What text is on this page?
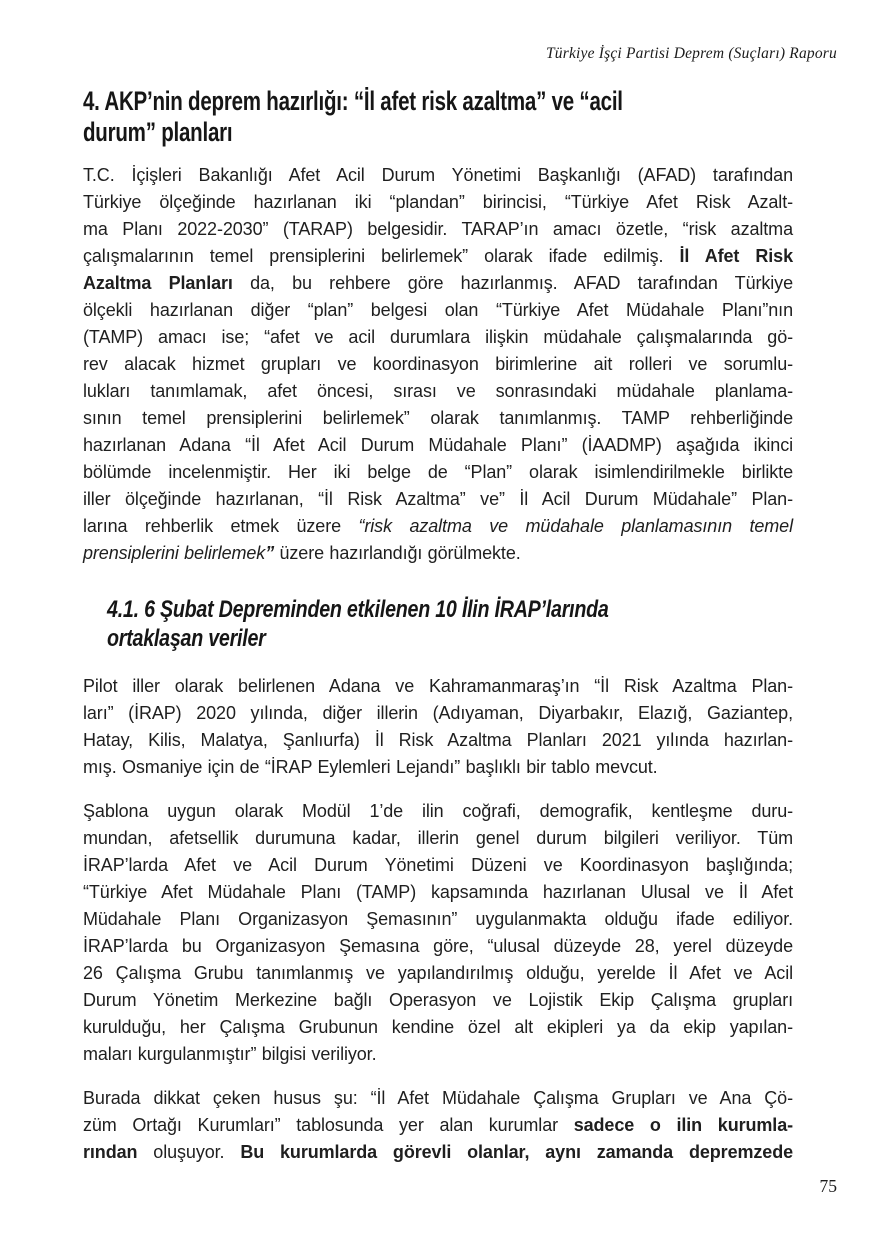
Türkiye İşçi Partisi Deprem (Suçları) Raporu
4. AKP’nin deprem hazırlığı: “İl afet risk azaltma” ve “acil
durum” planları
T.C. İçişleri Bakanlığı Afet Acil Durum Yönetimi Başkanlığı (AFAD) tarafından
Türkiye ölçeğinde hazırlanan iki “plandan” birincisi, “Türkiye Afet Risk Azalt-
ma Planı 2022-2030” (TARAP) belgesidir. TARAP’ın amacı özetle, “risk azaltma
çalışmalarının temel prensiplerini belirlemek” olarak ifade edilmiş. İl Afet Risk
Azaltma Planları da, bu rehbere göre hazırlanmış. AFAD tarafından Türkiye
ölçekli hazırlanan diğer “plan” belgesi olan “Türkiye Afet Müdahale Planı”nın
(TAMP) amacı ise; “afet ve acil durumlara ilişkin müdahale çalışmalarında gö-
rev alacak hizmet grupları ve koordinasyon birimlerine ait rolleri ve sorumlu-
lukları tanımlamak, afet öncesi, sırası ve sonrasındaki müdahale planlama-
sının temel prensiplerini belirlemek” olarak tanımlanmış. TAMP rehberliğinde
hazırlanan Adana “İl Afet Acil Durum Müdahale Planı” (İAADMP) aşağıda ikinci
bölümde incelenmiştir. Her iki belge de “Plan” olarak isimlendirilmekle birlikte
iller ölçeğinde hazırlanan, “İl Risk Azaltma” ve” İl Acil Durum Müdahale” Plan-
larına rehberlik etmek üzere “risk azaltma ve müdahale planlamasının temel
prensiplerini belirlemek” üzere hazırlandığı görülmekte.
4.1. 6 Şubat Depreminden etkilenen 10 İlin İRAP’larında
ortaklaşan veriler
Pilot iller olarak belirlenen Adana ve Kahramanmaraş’ın “İl Risk Azaltma Plan-
ları” (İRAP) 2020 yılında, diğer illerin (Adıyaman, Diyarbakır, Elazığ, Gaziantep,
Hatay, Kilis, Malatya, Şanlıurfa) İl Risk Azaltma Planları 2021 yılında hazırlan-
mış. Osmaniye için de “İRAP Eylemleri Lejandı” başlıklı bir tablo mevcut.
Şablona uygun olarak Modül 1’de ilin coğrafi, demografik, kentleşme duru-
mundan, afetsellik durumuna kadar, illerin genel durum bilgileri veriliyor. Tüm
İRAP’larda Afet ve Acil Durum Yönetimi Düzeni ve Koordinasyon başlığında;
“Türkiye Afet Müdahale Planı (TAMP) kapsamında hazırlanan Ulusal ve İl Afet
Müdahale Planı Organizasyon Şemasının” uygulanmakta olduğu ifade ediliyor.
İRAP’larda bu Organizasyon Şemasına göre, “ulusal düzeyde 28, yerel düzeyde
26 Çalışma Grubu tanımlanmış ve yapılandırılmış olduğu, yerelde İl Afet ve Acil
Durum Yönetim Merkezine bağlı Operasyon ve Lojistik Ekip Çalışma grupları
kurulduğu, her Çalışma Grubunun kendine özel alt ekipleri ya da ekip yapılan-
maları kurgulanmıştır” bilgisi veriliyor.
Burada dikkat çeken husus şu: “İl Afet Müdahale Çalışma Grupları ve Ana Çö-
züm Ortağı Kurumları” tablosunda yer alan kurumlar sadece o ilin kurumla-
rından oluşuyor. Bu kurumlarda görevli olanlar, aynı zamanda depremzede
75
